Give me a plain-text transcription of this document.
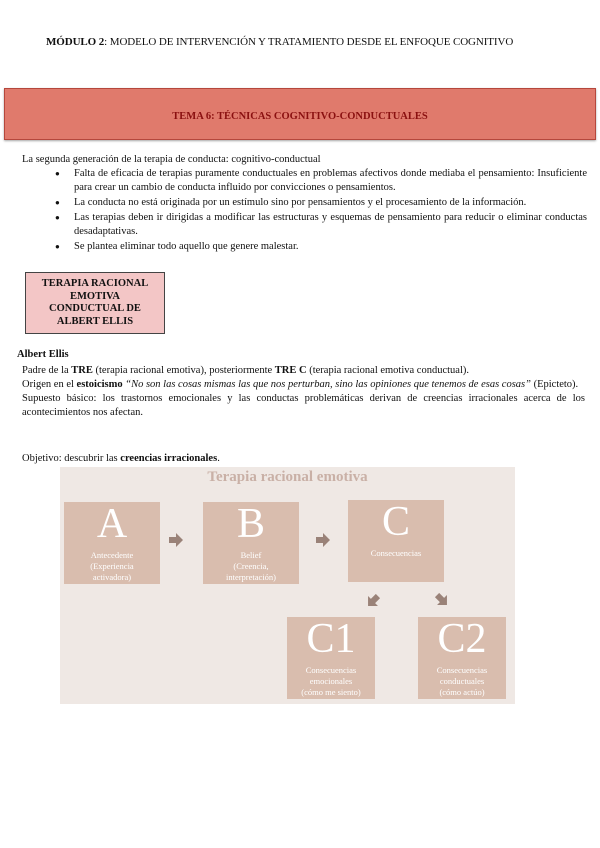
MÓDULO 2: MODELO DE INTERVENCIÓN Y TRATAMIENTO DESDE EL ENFOQUE COGNITIVO
TEMA 6: TÉCNICAS COGNITIVO-CONDUCTUALES
La segunda generación de la terapia de conducta: cognitivo-conductual
● Falta de eficacia de terapias puramente conductuales en problemas afectivos donde mediaba el pensamiento: Insuficiente para crear un cambio de conducta influido por convicciones o pensamientos.
● La conducta no está originada por un estímulo sino por pensamientos y el procesamiento de la información.
● Las terapias deben ir dirigidas a modificar las estructuras y esquemas de pensamiento para reducir o eliminar conductas desadaptativas.
● Se plantea eliminar todo aquello que genere malestar.
TERAPIA RACIONAL
EMOTIVA
CONDUCTUAL DE
ALBERT ELLIS
Albert Ellis

Padre de la TRE (terapia racional emotiva), posteriormente TRE C (terapia racional emotiva conductual).

Origen en el estoicismo “No son las cosas mismas las que nos perturban, sino las opiniones que tenemos de esas cosas” (Epicteto).

Supuesto básico: los trastornos emocionales y las conductas problemáticas derivan de creencias irracionales acerca de los acontecimientos nos afectan.

Objetivo: descubrir las creencias irracionales.
Terapia racional emotiva
A
Antecedente
(Experiencia
activadora)
B
Belief
(Creencia,
interpretación)
C
Consecuencias
C1
Consecuencias
emocionales
(cómo me siento)
C2
Consecuencias
conductuales
(cómo actúo)
